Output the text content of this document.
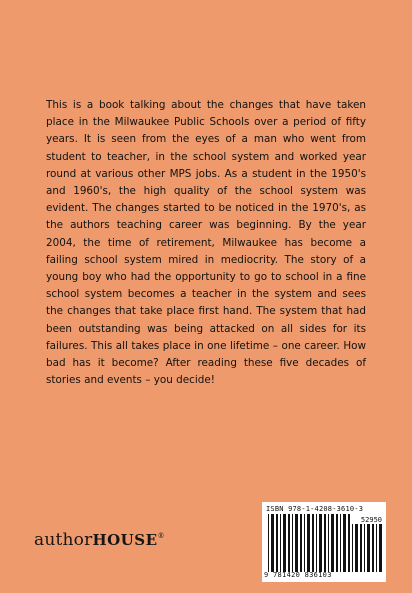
This is a book talking about the changes that have taken place in the Milwaukee Public Schools over a period of fifty years. It is seen from the eyes of a man who went from student to teacher, in the school system and worked year round at various other MPS jobs. As a student in the 1950's and 1960's, the high quality of the school system was evident. The changes started to be noticed in the 1970's, as the authors teaching career was beginning. By the year 2004, the time of retirement, Milwaukee has become a failing school system mired in mediocrity. The story of a young boy who had the opportunity to go to school in a fine school system becomes a teacher in the system and sees the changes that take place first hand. The system that had been outstanding was being attacked on all sides for its failures. This all takes place in one lifetime – one career. How bad has it become? After reading these five decades of stories and events – you decide!

authorHOUSE®
ISBN 978-1-4208-3610-3
52950
9 781420 836103
